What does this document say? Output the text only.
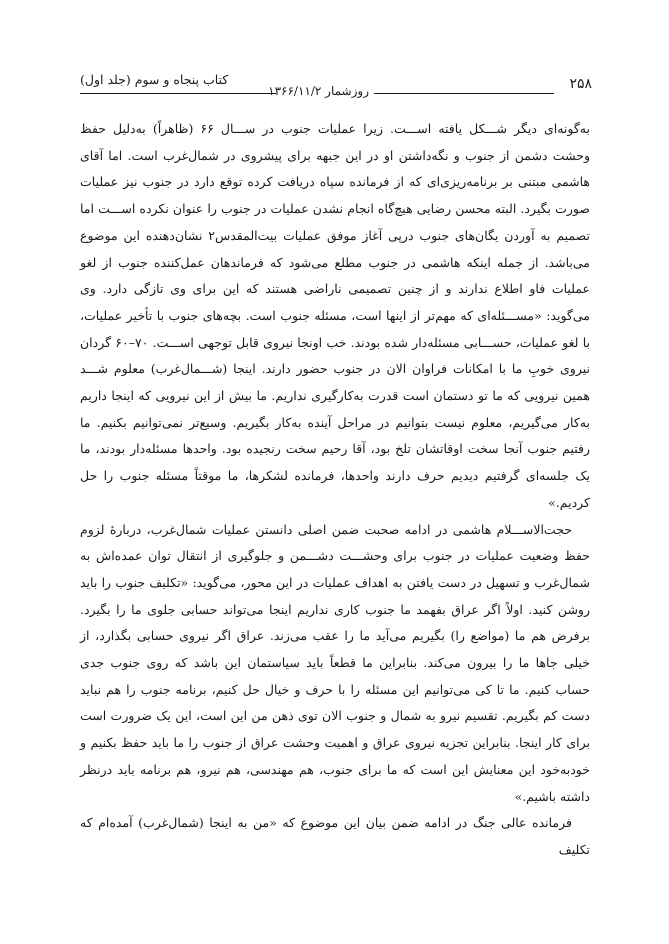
۲۵۸
روزشمار ۱۳۶۶/۱۱/۲
کتاب پنجاه و سوم (جلد اول)

به‌گونه‌ای دیگر شـــکل یافته اســـت. زیرا عملیات جنوب در ســـال ۶۶ (ظاهراً) به‌دلیل حفظ وحشت دشمن از جنوب و نگه‌داشتن او در این جبهه برای پیشروی در شمال‌غرب است. اما آقای هاشمی مبتنی بر برنامه‌ریزی‌ای که از فرمانده سپاه دریافت کرده توقع دارد در جنوب نیز عملیات صورت بگیرد. البته محسن رضایی هیچ‌گاه انجام نشدن عملیات در جنوب را عنوان نکرده اســـت اما تصمیم به آوردن یگان‌های جنوب درپی آغاز موفق عملیات بیت‌المقدس۲ نشان‌دهنده این موضوع می‌باشد. از جمله اینکه هاشمی در جنوب مطلع می‌شود که فرماندهان عمل‌کننده جنوب از لغو عملیات فاو اطلاع ندارند و از چنین تصمیمی ناراضی هستند که این برای وی تازگی دارد. وی می‌گوید: «مســـئله‌ای که مهم‌تر از اینها است، مسئله جنوب است. بچه‌های جنوب با تأخیر عملیات، با لغو عملیات، حســـابی مسئله‌دار شده بودند. خب اونجا نیروی قابل توجهی اســـت. ۷۰–۶۰ گردان نیروی خوبِ ما با امکانات فراوان الان در جنوب حضور دارند. اینجا (شـــمال‌غرب) معلوم شـــد همین نیرویی که ما تو دستمان است قدرت به‌کارگیری نداریم. ما بیش از این نیرویی که اینجا داریم به‌کار می‌گیریم، معلوم نیست بتوانیم در مراحل آینده به‌کار بگیریم. وسیع‌تر نمی‌توانیم بکنیم. ما رفتیم جنوب آنجا سخت اوقاتشان تلخ بود، آقا رحیم سخت رنجیده بود. واحدها مسئله‌دار بودند، ما یک جلسه‌ای گرفتیم دیدیم حرف دارند واحدها، فرمانده لشکرها، ما موقتاً مسئله جنوب را حل کردیم.»

حجت‌الاســـلام هاشمی در ادامه صحبت ضمن اصلی دانستن عملیات شمال‌غرب، دربارهٔ لزوم حفظ وضعیت عملیات در جنوب برای وحشـــت دشـــمن و جلوگیری از انتقال توان عمده‌اش به شمال‌غرب و تسهیل در دست یافتن به اهداف عملیات در این محور، می‌گوید: «تکلیف جنوب را باید روشن کنید. اولاً اگر عراق بفهمد ما جنوب کاری نداریم اینجا می‌تواند حسابی جلوی ما را بگیرد. برفرض هم ما (مواضع را) بگیریم می‌آید ما را عقب می‌زند. عراق اگر نیروی حسابی بگذارد، از خیلی جاها ما را بیرون می‌کند. بنابراین ما قطعاً باید سیاستمان این باشد که روی جنوب جدی حساب کنیم. ما تا کی می‌توانیم این مسئله را با حرف و خیال حل کنیم، برنامه جنوب را هم نباید دست کم بگیریم. تقسیم نیرو به شمال و جنوب الان توی ذهن من این است، این یک ضرورت است برای کار اینجا. بنابراین تجزیه نیروی عراق و اهمیت وحشت عراق از جنوب را ما باید حفظ بکنیم و خودبه‌خود این معنایش این است که ما برای جنوب، هم مهندسی، هم نیرو، هم برنامه باید درنظر داشته باشیم.»

فرمانده عالی جنگ در ادامه ضمن بیان این موضوع که «من به اینجا (شمال‌غرب) آمده‌ام که تکلیف
